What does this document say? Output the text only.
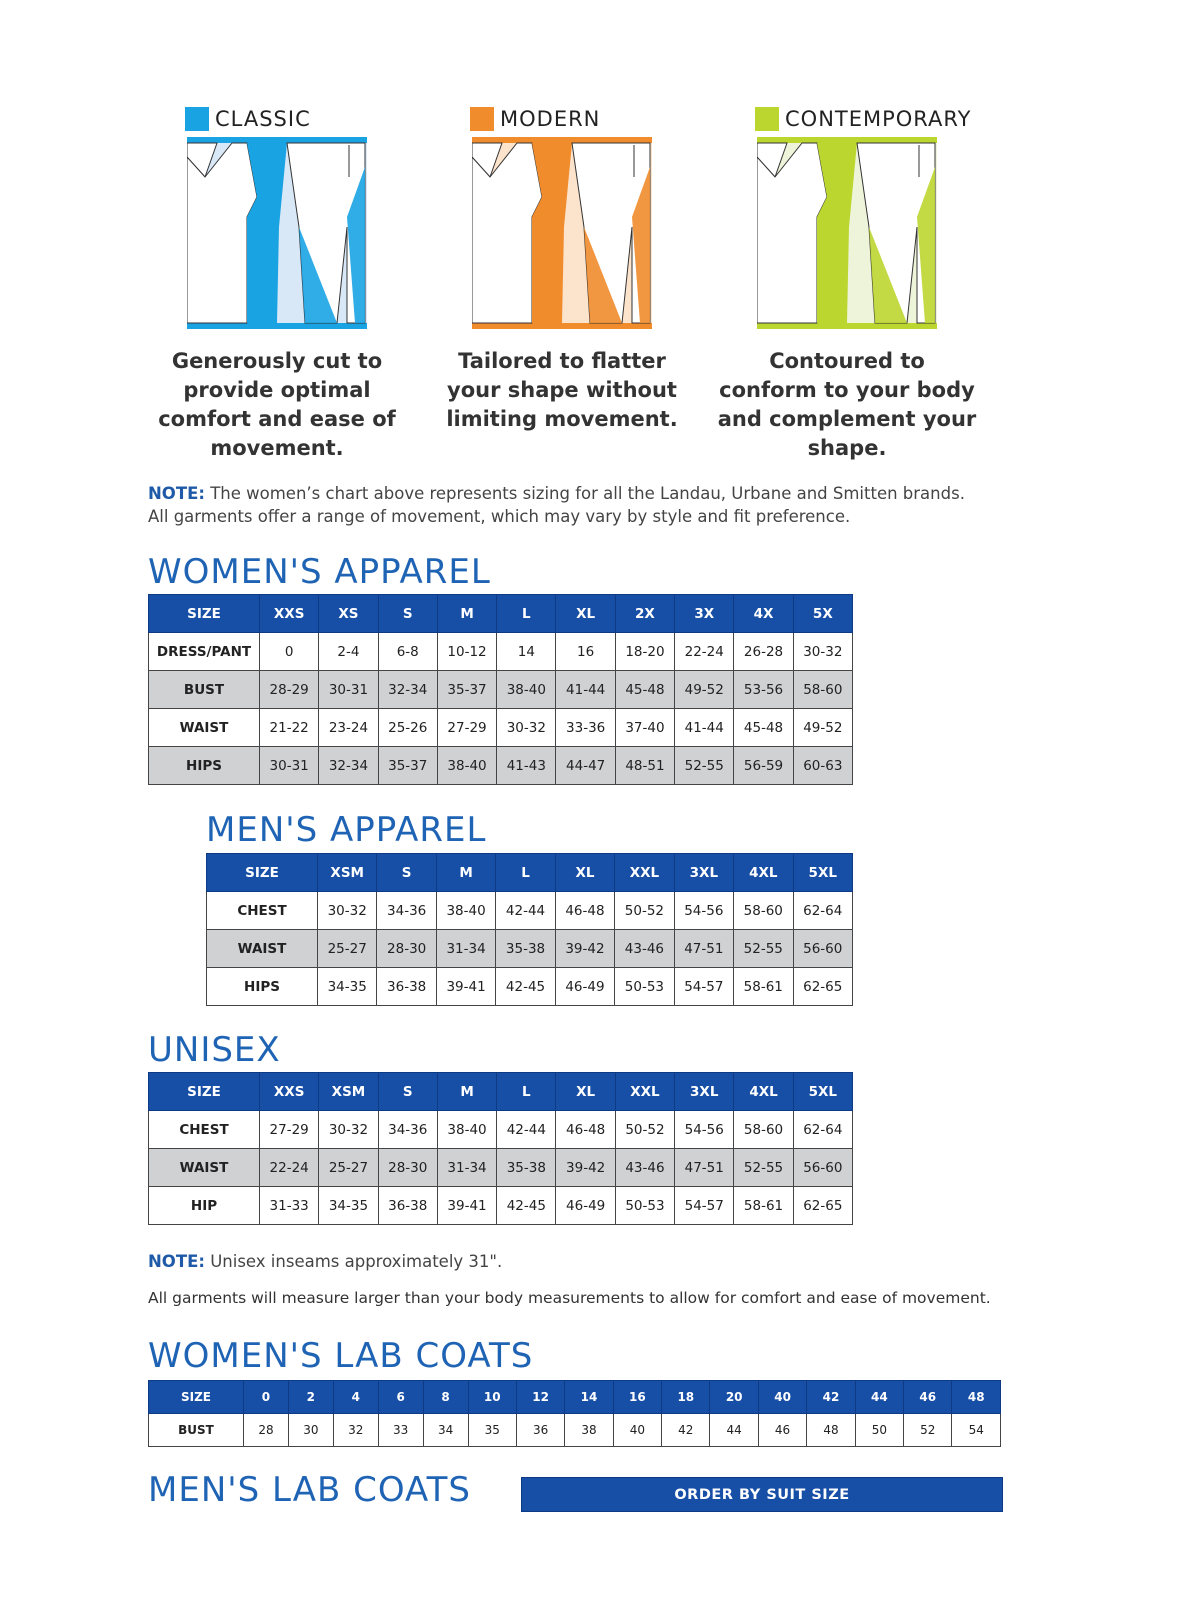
CLASSIC
Generously cut to provide optimal comfort and ease of movement.
MODERN
Tailored to flatter your shape without limiting movement.
CONTEMPORARY
Contoured to conform to your body and complement your shape.
NOTE: The women’s chart above represents sizing for all the Landau, Urbane and Smitten brands.
All garments offer a range of movement, which may vary by style and fit preference.
WOMEN'S APPAREL
SIZE	XXS	XS	S	M	L	XL	2X	3X	4X	5X
DRESS/PANT	0	2-4	6-8	10-12	14	16	18-20	22-24	26-28	30-32
BUST	28-29	30-31	32-34	35-37	38-40	41-44	45-48	49-52	53-56	58-60
WAIST	21-22	23-24	25-26	27-29	30-32	33-36	37-40	41-44	45-48	49-52
HIPS	30-31	32-34	35-37	38-40	41-43	44-47	48-51	52-55	56-59	60-63
MEN'S APPAREL
SIZE	XSM	S	M	L	XL	XXL	3XL	4XL	5XL
CHEST	30-32	34-36	38-40	42-44	46-48	50-52	54-56	58-60	62-64
WAIST	25-27	28-30	31-34	35-38	39-42	43-46	47-51	52-55	56-60
HIPS	34-35	36-38	39-41	42-45	46-49	50-53	54-57	58-61	62-65
UNISEX
SIZE	XXS	XSM	S	M	L	XL	XXL	3XL	4XL	5XL
CHEST	27-29	30-32	34-36	38-40	42-44	46-48	50-52	54-56	58-60	62-64
WAIST	22-24	25-27	28-30	31-34	35-38	39-42	43-46	47-51	52-55	56-60
HIP	31-33	34-35	36-38	39-41	42-45	46-49	50-53	54-57	58-61	62-65
NOTE: Unisex inseams approximately 31".
All garments will measure larger than your body measurements to allow for comfort and ease of movement.
WOMEN'S LAB COATS
SIZE	0	2	4	6	8	10	12	14	16	18	20	40	42	44	46	48
BUST	28	30	32	33	34	35	36	38	40	42	44	46	48	50	52	54
MEN'S LAB COATS	ORDER BY SUIT SIZE
